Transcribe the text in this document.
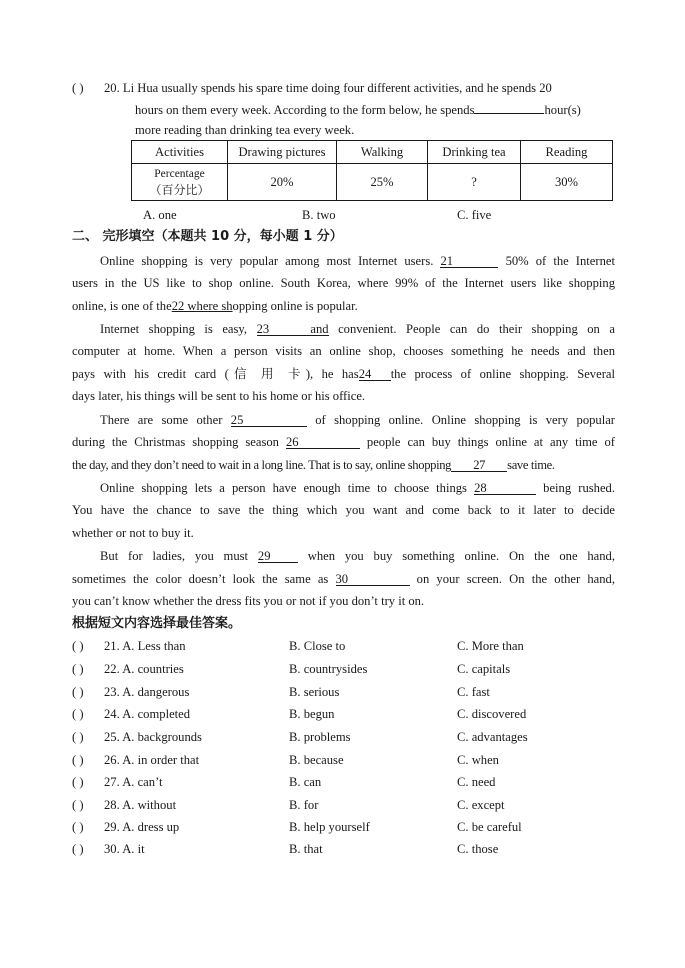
( ) 20. Li Hua usually spends his spare time doing four different activities, and he spends 20
hours on them every week. According to the form below, he spends	hour(s)
more reading than drinking tea every week.
Activities	Drawing pictures	Walking	Drinking tea	Reading

Percentage
（百分比）	20%	25%	?	30%
A. one	B. two	C. five
二、 完形填空（本题共 10 分，每小题 1 分）
Online shopping is very popular among most Internet users. 21	50% of the Internet
users in the US like to shop online. South Korea, where 99% of the Internet users like shopping
online, is one of the22 where shopping online is popular.
Internet shopping is easy, 23 and convenient. People can do their shopping on a
computer at home. When a person visits an online shop, chooses something he needs and then
pays with his credit card (信 用 卡), he has24 the process of online shopping. Several
days later, his things will be sent to his home or his office.
There are some other 25	of shopping online. Online shopping is very popular
during the Christmas shopping season 26	people can buy things online at any time of
the day, and they don’t need to wait in a long line. That is to say, online shopping 27 save time.
Online shopping lets a person have enough time to choose things 28	being rushed.
You have the chance to save the thing which you want and come back to it later to decide
whether or not to buy it.
But for ladies, you must 29	when you buy something online. On the one hand,
sometimes the color doesn’t look the same as 30	on your screen. On the other hand,
you can’t know whether the dress fits you or not if you don’t try it on.
根据短文内容选择最佳答案。
( ) 21. A. Less than	B. Close to	C. More than
( ) 22. A. countries	B. countrysides	C. capitals
( ) 23. A. dangerous	B. serious	C. fast
( ) 24. A. completed	B. begun	C. discovered
( ) 25. A. backgrounds	B. problems	C. advantages
( ) 26. A. in order that	B. because	C. when
( ) 27. A. can’t	B. can	C. need
( ) 28. A. without	B. for	C. except
( ) 29. A. dress up	B. help yourself	C. be careful
( ) 30. A. it	B. that	C. those
